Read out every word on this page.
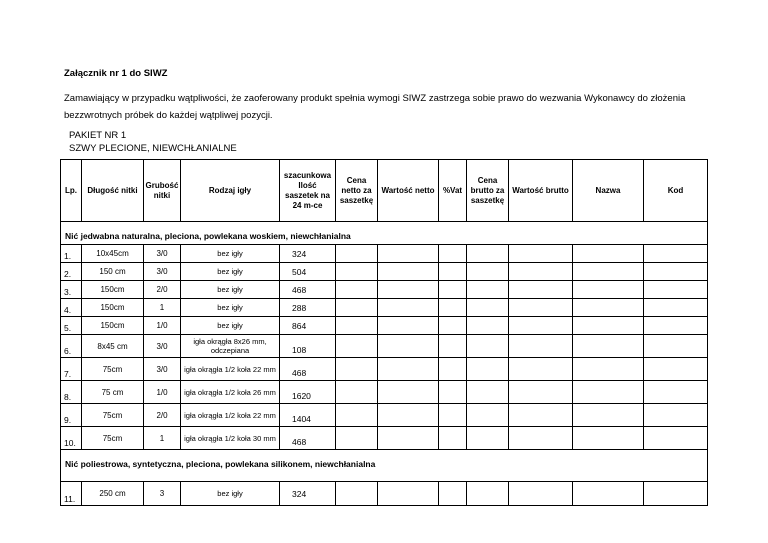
Załącznik nr 1 do SIWZ
Zamawiający w przypadku wątpliwości, że zaoferowany produkt spełnia wymogi SIWZ zastrzega sobie prawo do wezwania Wykonawcy do złożenia bezzwrotnych próbek do każdej wątpliwej pozycji.
PAKIET NR 1
SZWY PLECIONE, NIEWCHŁANIALNE
Lp.	Długość nitki	Grubość nitki	Rodzaj igły	szacunkowa Ilość saszetek na 24 m-ce	Cena netto za saszetkę	Wartość netto	%Vat	Cena brutto za saszetkę	Wartość brutto	Nazwa	Kod
Nić jedwabna naturalna, pleciona, powlekana woskiem, niewchłanialna											
1.	10x45cm	3/0	bez igły	324							
2.	150 cm	3/0	bez igły	504							
3.	150cm	2/0	bez igły	468							
4.	150cm	1	bez igły	288							
5.	150cm	1/0	bez igły	864							
6.	8x45 cm	3/0	igła okrągła 8x26 mm, odczepiana	108							
7.	75cm	3/0	igła okrągła 1/2 koła 22 mm	468							
8.	75 cm	1/0	igła okrągła 1/2 koła 26 mm	1620							
9.	75cm	2/0	igła okrągła 1/2 koła 22 mm	1404							
10.	75cm	1	igła okrągła 1/2 koła 30 mm	468							
Nić poliestrowa, syntetyczna, pleciona, powlekana silikonem, niewchłanialna											
11.	250 cm	3	bez igły	324							
